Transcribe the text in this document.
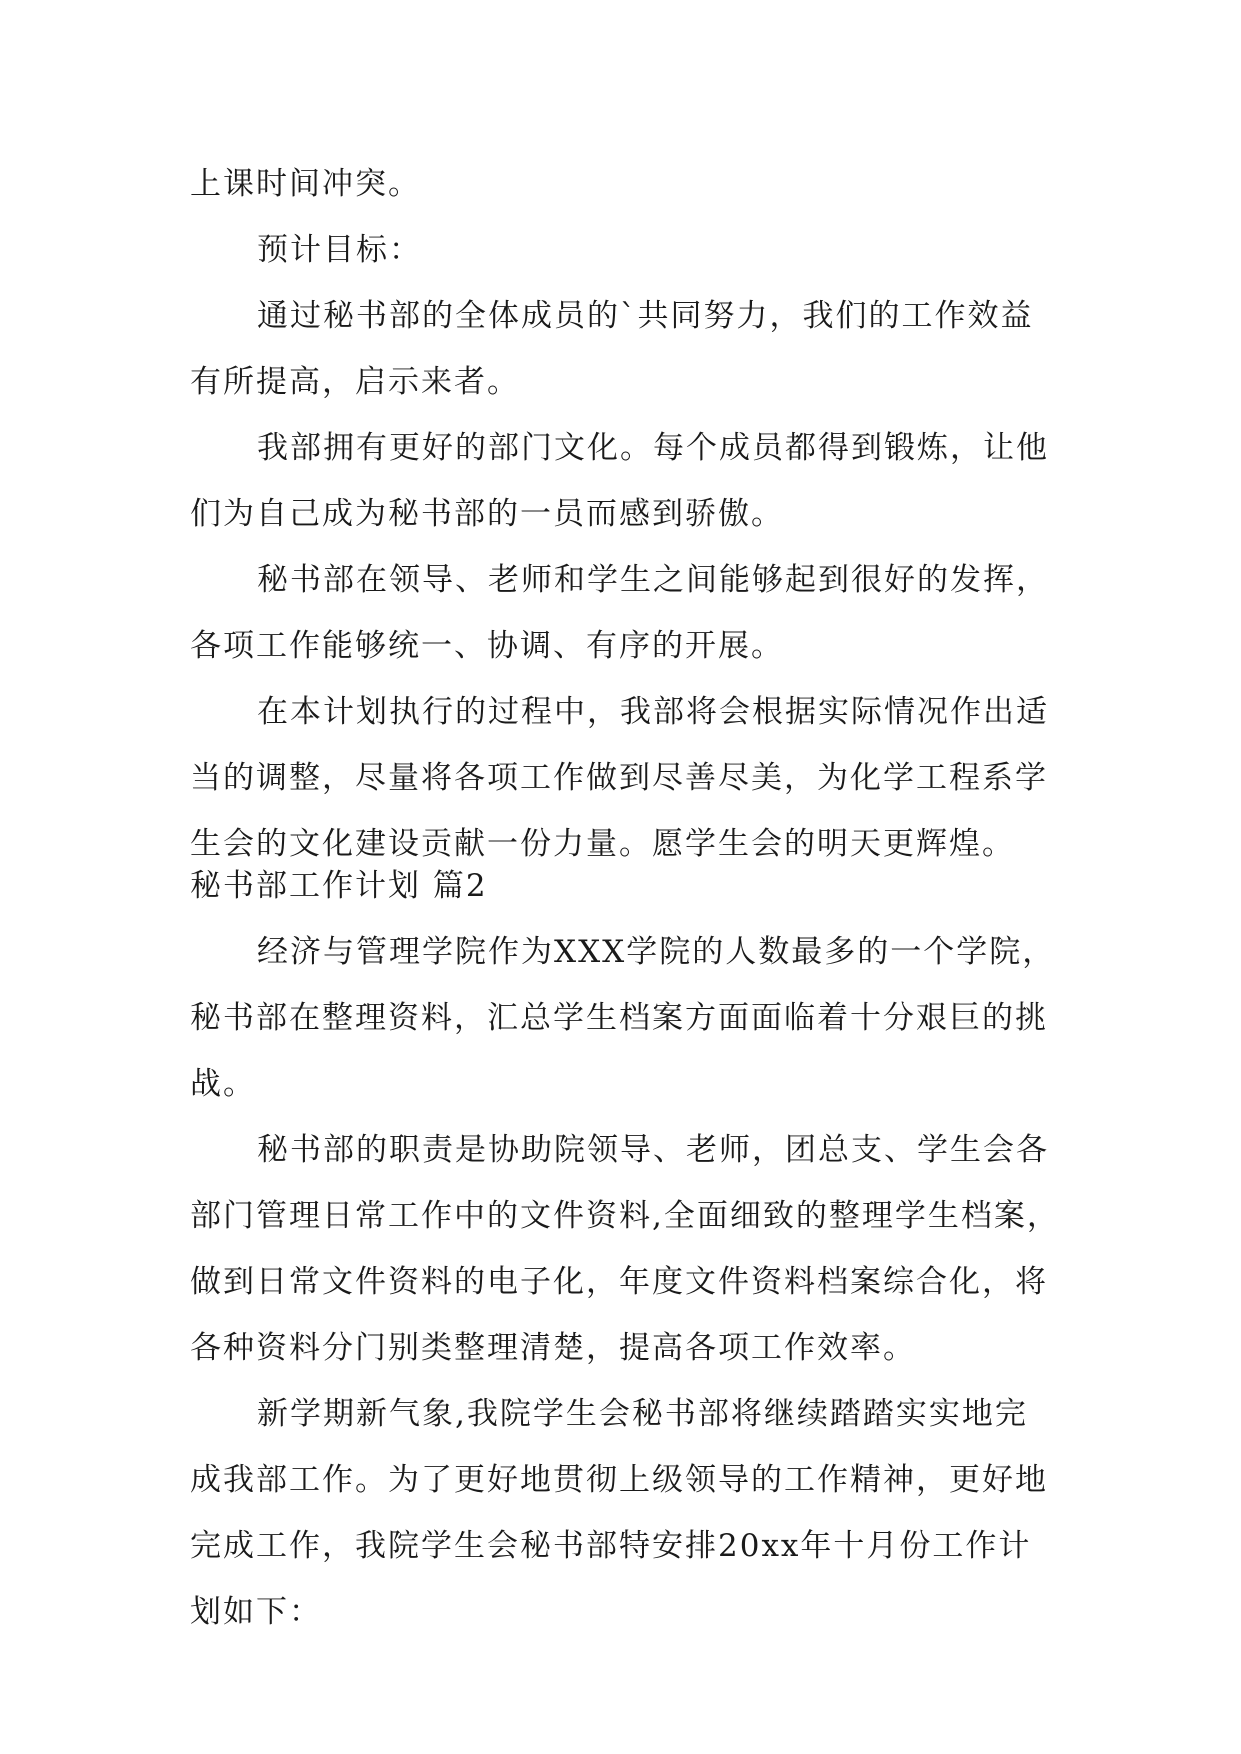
上课时间冲突。
预计目标：
通过秘书部的全体成员的`共同努力，我们的工作效益
有所提高，启示来者。
我部拥有更好的部门文化。每个成员都得到锻炼，让他
们为自己成为秘书部的一员而感到骄傲。
秘书部在领导、老师和学生之间能够起到很好的发挥，
各项工作能够统一、协调、有序的开展。
在本计划执行的过程中，我部将会根据实际情况作出适
当的调整，尽量将各项工作做到尽善尽美，为化学工程系学
生会的文化建设贡献一份力量。愿学生会的明天更辉煌。
秘书部工作计划 篇2
经济与管理学院作为XXX学院的人数最多的一个学院，
秘书部在整理资料，汇总学生档案方面面临着十分艰巨的挑
战。
秘书部的职责是协助院领导、老师，团总支、学生会各
部门管理日常工作中的文件资料,全面细致的整理学生档案，
做到日常文件资料的电子化，年度文件资料档案综合化，将
各种资料分门别类整理清楚，提高各项工作效率。
新学期新气象,我院学生会秘书部将继续踏踏实实地完
成我部工作。为了更好地贯彻上级领导的工作精神，更好地
完成工作，我院学生会秘书部特安排20xx年十月份工作计
划如下：
